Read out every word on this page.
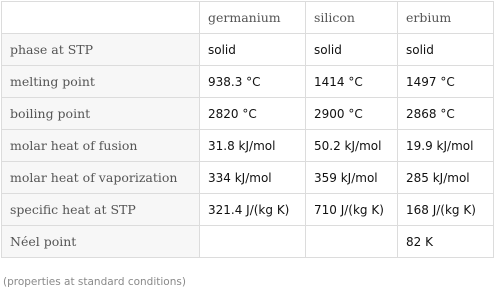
	germanium	silicon	erbium
phase at STP	solid	solid	solid
melting point	938.3 °C	1414 °C	1497 °C
boiling point	2820 °C	2900 °C	2868 °C
molar heat of fusion	31.8 kJ/mol	50.2 kJ/mol	19.9 kJ/mol
molar heat of vaporization	334 kJ/mol	359 kJ/mol	285 kJ/mol
specific heat at STP	321.4 J/(kg K)	710 J/(kg K)	168 J/(kg K)
Néel point			82 K
(properties at standard conditions)
